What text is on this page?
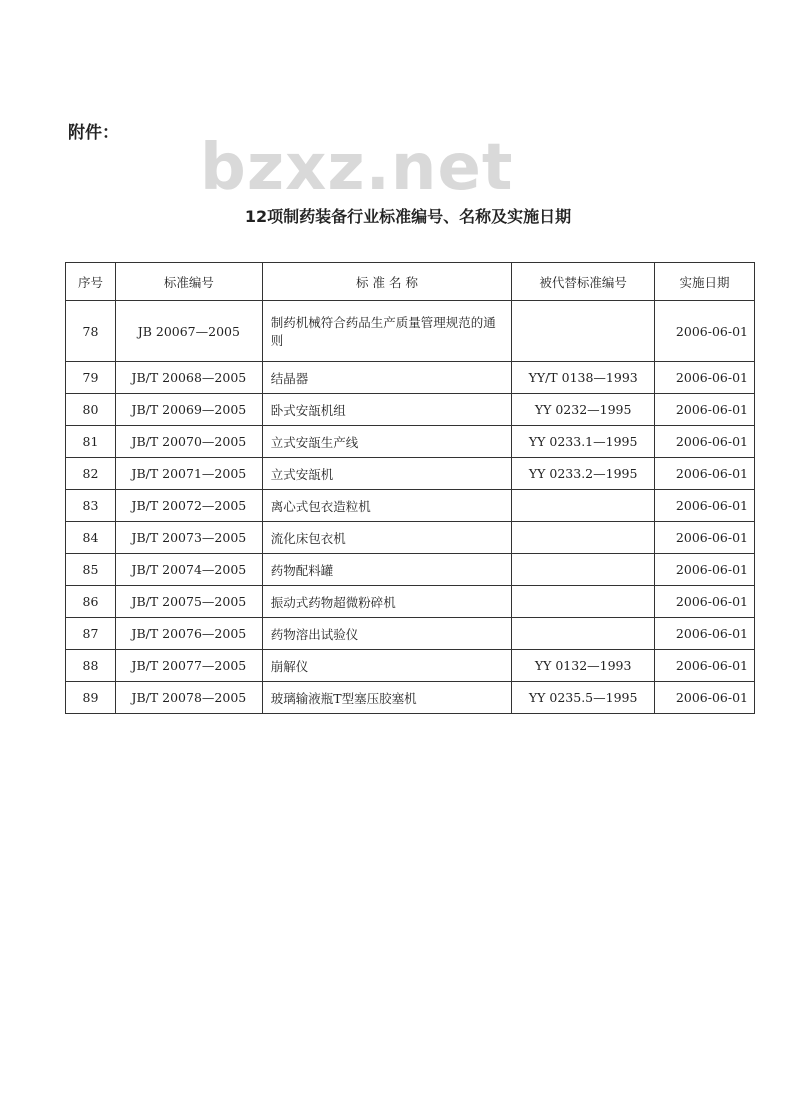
附件： bzxz.net
12项制药装备行业标准编号、名称及实施日期
序号	标准编号	标 准 名 称	被代替标准编号	实施日期
78	JB 20067—2005	制药机械符合药品生产质量管理规范的通则		2006-06-01
79	JB/T 20068—2005	结晶器	YY/T 0138—1993	2006-06-01
80	JB/T 20069—2005	卧式安瓿机组	YY 0232—1995	2006-06-01
81	JB/T 20070—2005	立式安瓿生产线	YY 0233.1—1995	2006-06-01
82	JB/T 20071—2005	立式安瓿机	YY 0233.2—1995	2006-06-01
83	JB/T 20072—2005	离心式包衣造粒机		2006-06-01
84	JB/T 20073—2005	流化床包衣机		2006-06-01
85	JB/T 20074—2005	药物配料罐		2006-06-01
86	JB/T 20075—2005	振动式药物超微粉碎机		2006-06-01
87	JB/T 20076—2005	药物溶出试验仪		2006-06-01
88	JB/T 20077—2005	崩解仪	YY 0132—1993	2006-06-01
89	JB/T 20078—2005	玻璃输液瓶T型塞压胶塞机	YY 0235.5—1995	2006-06-01
